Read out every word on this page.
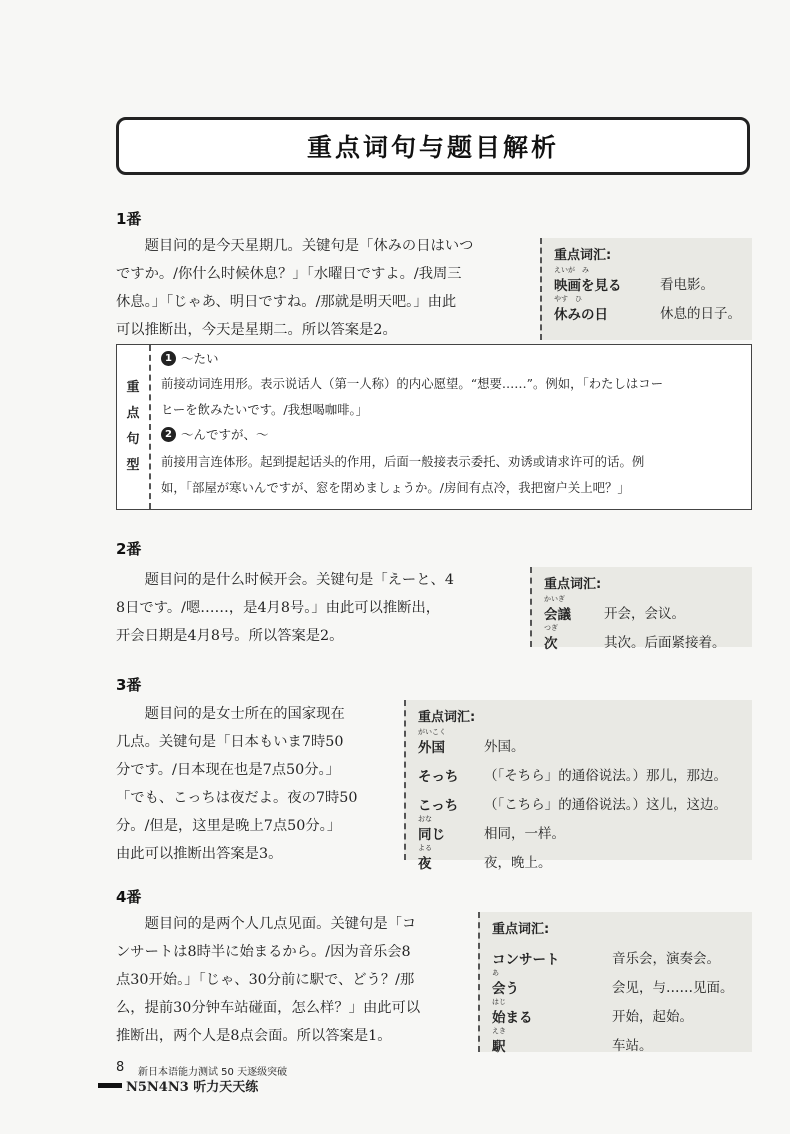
重点词句与题目解析
1番

　　题目问的是今天星期几。关键句是「休みの日はいつ

ですか。/你什么时候休息？」「水曜日ですよ。/我周三

休息。」「じゃあ、明日ですね。/那就是明天吧。」由此

可以推断出，今天是星期二。所以答案是2。

重点词汇:
えいが　み
映画を見る	看电影。
やす　ひ
休みの日	休息的日子。
重
点
句
型
1 ～たい
前接动词连用形。表示说话人（第一人称）的内心愿望。“想要……”。例如，「わたしはコー
ヒーを飲みたいです。/我想喝咖啡。」
2 ～んですが、～
前接用言连体形。起到提起话头的作用，后面一般接表示委托、劝诱或请求许可的话。例
如，「部屋が寒いんですが、窓を閉めましょうか。/房间有点冷，我把窗户关上吧？」
2番

　　题目问的是什么时候开会。关键句是「えーと、4

8日です。/嗯……，是4月8号。」由此可以推断出，

开会日期是4月8号。所以答案是2。

重点词汇:
かいぎ
会議	开会，会议。
つぎ
次	其次。后面紧接着。
3番

　　题目问的是女士所在的国家现在

几点。关键句是「日本もいま7時50

分です。/日本现在也是7点50分。」

「でも、こっちは夜だよ。夜の7時50

分。/但是，这里是晚上7点50分。」

由此可以推断出答案是3。

重点词汇:
がいこく
外国	外国。
そっち	（「そちら」的通俗说法。）那儿，那边。
こっち	（「こちら」的通俗说法。）这儿，这边。
おな
同じ	相同，一样。
よる
夜	夜，晚上。
4番

　　题目问的是两个人几点见面。关键句是「コ

ンサートは8時半に始まるから。/因为音乐会8

点30开始。」「じゃ、30分前に駅で、どう？/那

么，提前30分钟车站碰面，怎么样？」由此可以

推断出，两个人是8点会面。所以答案是1。

重点词汇:
コンサート	音乐会，演奏会。
あ
会う	会见，与……见面。
はじ
始まる	开始，起始。
えき
駅	车站。
8 新日本语能力测试 50 天逐级突破
N5N4N3 听力天天练
